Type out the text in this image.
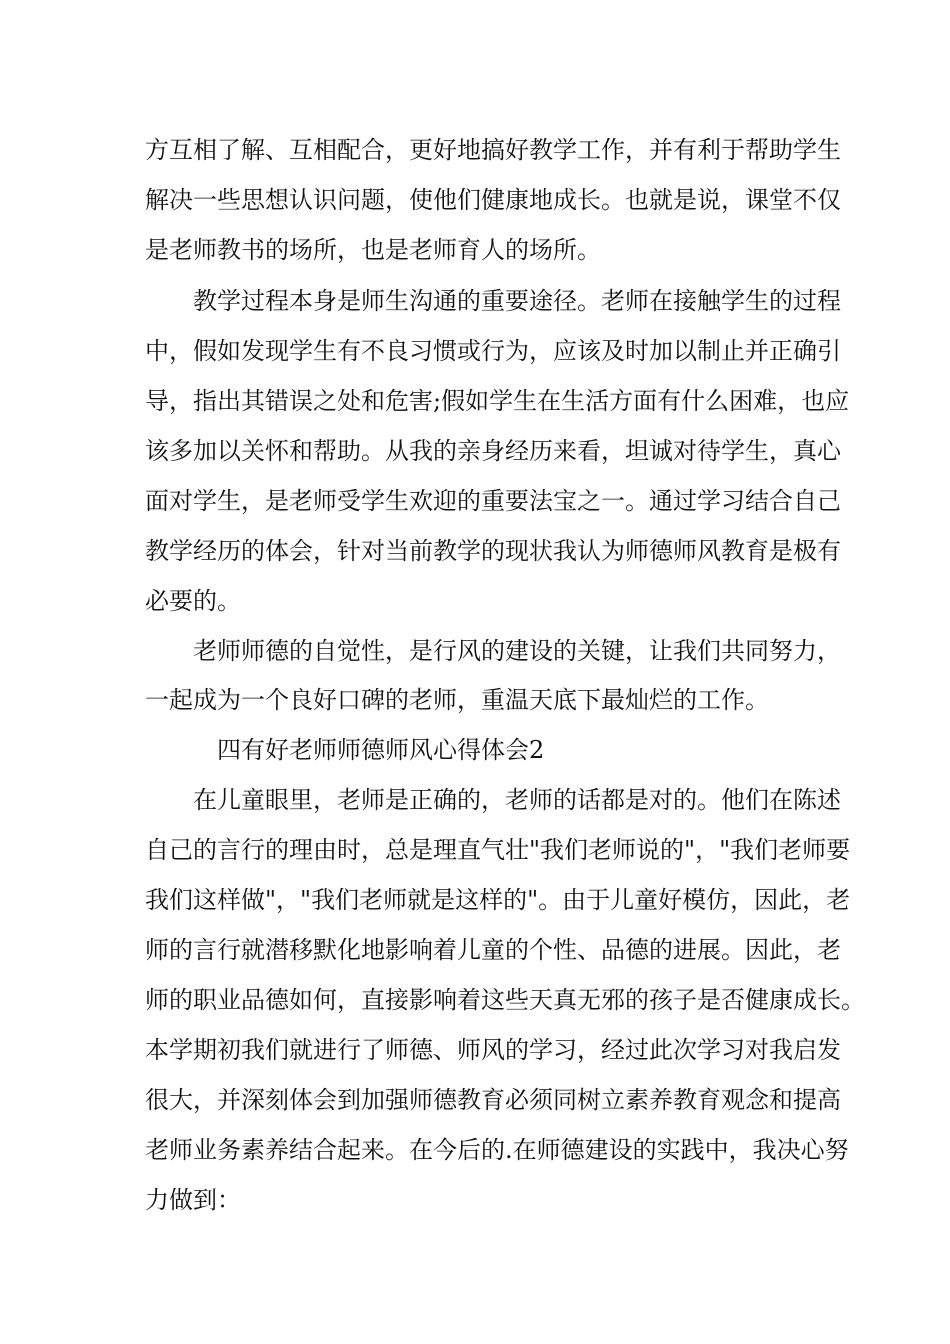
方互相了解、互相配合，更好地搞好教学工作，并有利于帮助学生

解决一些思想认识问题，使他们健康地成长。也就是说，课堂不仅

是老师教书的场所，也是老师育人的场所。

教学过程本身是师生沟通的重要途径。老师在接触学生的过程

中，假如发现学生有不良习惯或行为，应该及时加以制止并正确引

导，指出其错误之处和危害;假如学生在生活方面有什么困难，也应

该多加以关怀和帮助。从我的亲身经历来看，坦诚对待学生，真心

面对学生，是老师受学生欢迎的重要法宝之一。通过学习结合自己

教学经历的体会，针对当前教学的现状我认为师德师风教育是极有

必要的。

老师师德的自觉性，是行风的建设的关键，让我们共同努力，

一起成为一个良好口碑的老师，重温天底下最灿烂的工作。

四有好老师师德师风心得体会2

在儿童眼里，老师是正确的，老师的话都是对的。他们在陈述

自己的言行的理由时，总是理直气壮"我们老师说的"，"我们老师要

我们这样做"，"我们老师就是这样的"。由于儿童好模仿，因此，老

师的言行就潜移默化地影响着儿童的个性、品德的进展。因此，老

师的职业品德如何，直接影响着这些天真无邪的孩子是否健康成长。

本学期初我们就进行了师德、师风的学习，经过此次学习对我启发

很大，并深刻体会到加强师德教育必须同树立素养教育观念和提高

老师业务素养结合起来。在今后的.在师德建设的实践中，我决心努

力做到：
